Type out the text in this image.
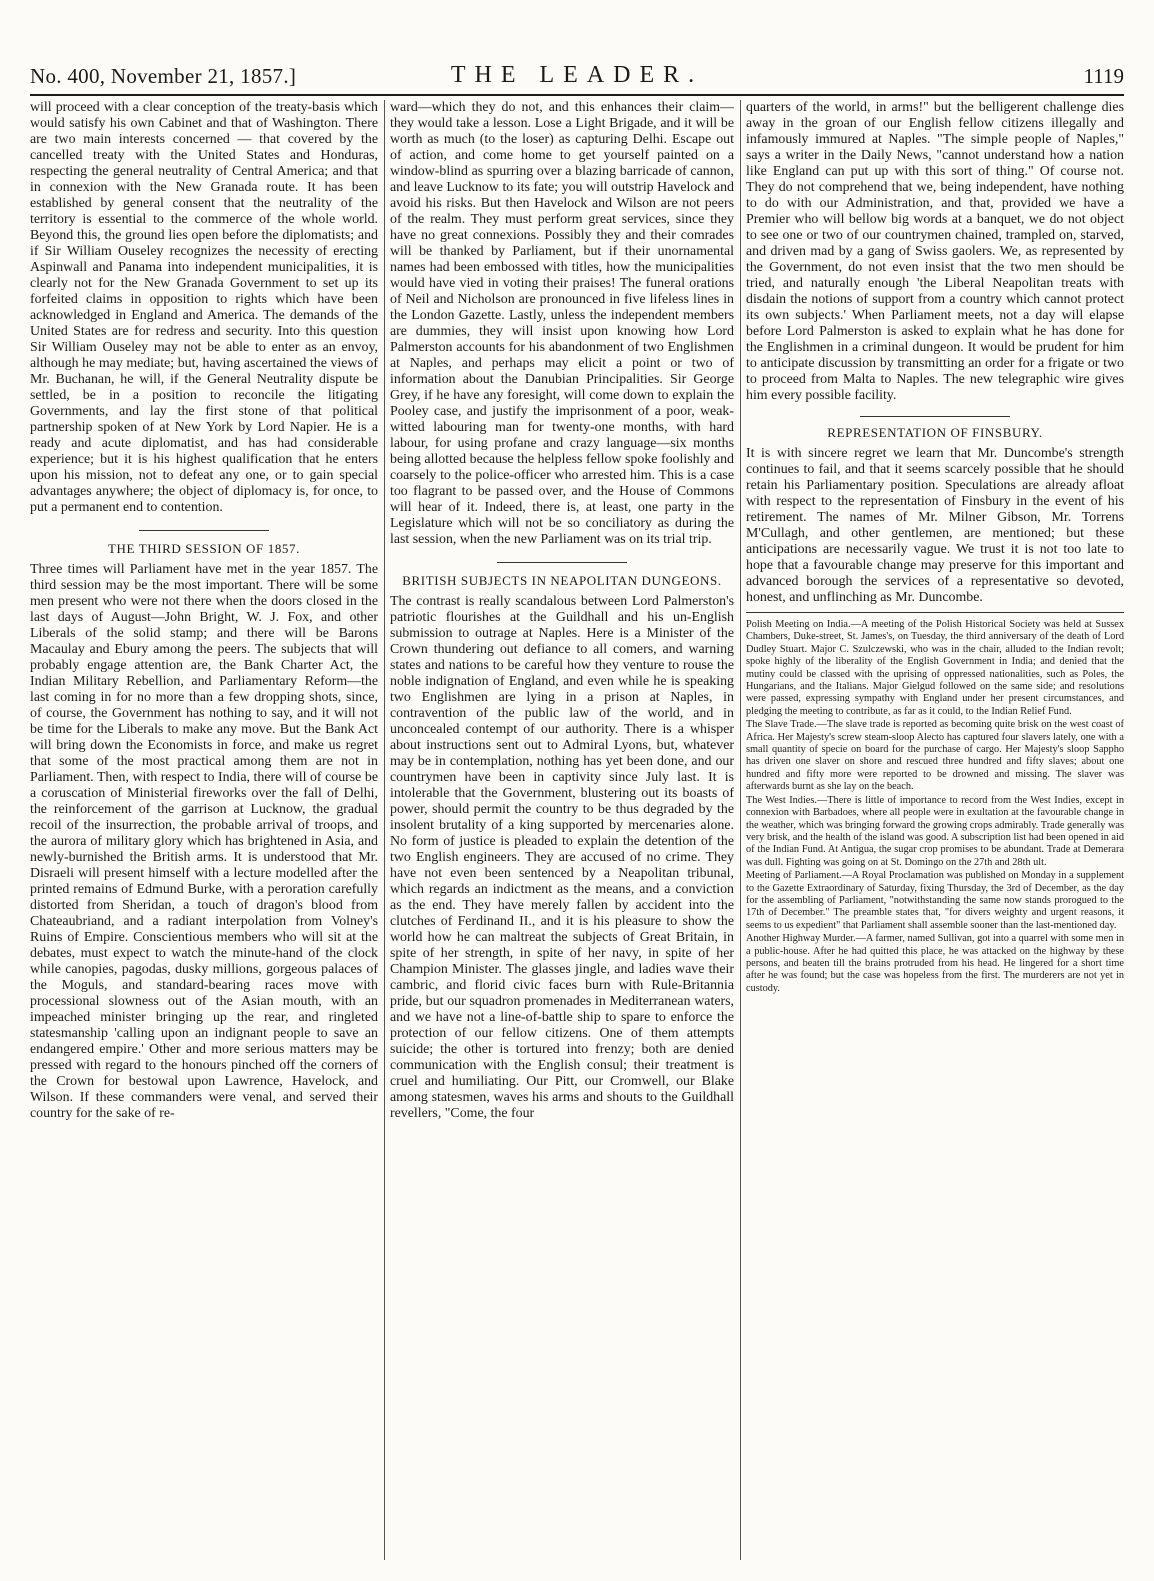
No. 400, November 21, 1857.]	THE LEADER.	1119

will proceed with a clear conception of the treaty-basis which would satisfy his own Cabinet and that of Washington. There are two main interests concerned — that covered by the cancelled treaty with the United States and Honduras, respecting the general neutrality of Central America; and that in connexion with the New Granada route. It has been established by general consent that the neutrality of the territory is essential to the commerce of the whole world. Beyond this, the ground lies open before the diplomatists; and if Sir William Ouseley recognizes the necessity of erecting Aspinwall and Panama into independent municipalities, it is clearly not for the New Granada Government to set up its forfeited claims in opposition to rights which have been acknowledged in England and America. The demands of the United States are for redress and security. Into this question Sir William Ouseley may not be able to enter as an envoy, although he may mediate; but, having ascertained the views of Mr. Buchanan, he will, if the General Neutrality dispute be settled, be in a position to reconcile the litigating Governments, and lay the first stone of that political partnership spoken of at New York by Lord Napier. He is a ready and acute diplomatist, and has had considerable experience; but it is his highest qualification that he enters upon his mission, not to defeat any one, or to gain special advantages anywhere; the object of diplomacy is, for once, to put a permanent end to contention.

THE THIRD SESSION OF 1857.

Three times will Parliament have met in the year 1857. The third session may be the most important. There will be some men present who were not there when the doors closed in the last days of August—John Bright, W. J. Fox, and other Liberals of the solid stamp; and there will be Barons Macaulay and Ebury among the peers. The subjects that will probably engage attention are, the Bank Charter Act, the Indian Military Rebellion, and Parliamentary Reform—the last coming in for no more than a few dropping shots, since, of course, the Government has nothing to say, and it will not be time for the Liberals to make any move. But the Bank Act will bring down the Economists in force, and make us regret that some of the most practical among them are not in Parliament. Then, with respect to India, there will of course be a coruscation of Ministerial fireworks over the fall of Delhi, the reinforcement of the garrison at Lucknow, the gradual recoil of the insurrection, the probable arrival of troops, and the aurora of military glory which has brightened in Asia, and newly-burnished the British arms. It is understood that Mr. Disraeli will present himself with a lecture modelled after the printed remains of Edmund Burke, with a peroration carefully distorted from Sheridan, a touch of dragon's blood from Chateaubriand, and a radiant interpolation from Volney's Ruins of Empire. Conscientious members who will sit at the debates, must expect to watch the minute-hand of the clock while canopies, pagodas, dusky millions, gorgeous palaces of the Moguls, and standard-bearing races move with processional slowness out of the Asian mouth, with an impeached minister bringing up the rear, and ringleted statesmanship 'calling upon an indignant people to save an endangered empire.' Other and more serious matters may be pressed with regard to the honours pinched off the corners of the Crown for bestowal upon Lawrence, Havelock, and Wilson. If these commanders were venal, and served their country for the sake of re-

ward—which they do not, and this enhances their claim—they would take a lesson. Lose a Light Brigade, and it will be worth as much (to the loser) as capturing Delhi. Escape out of action, and come home to get yourself painted on a window-blind as spurring over a blazing barricade of cannon, and leave Lucknow to its fate; you will outstrip Havelock and avoid his risks. But then Havelock and Wilson are not peers of the realm. They must perform great services, since they have no great connexions. Possibly they and their comrades will be thanked by Parliament, but if their unornamental names had been embossed with titles, how the municipalities would have vied in voting their praises! The funeral orations of Neil and Nicholson are pronounced in five lifeless lines in the London Gazette. Lastly, unless the independent members are dummies, they will insist upon knowing how Lord Palmerston accounts for his abandonment of two Englishmen at Naples, and perhaps may elicit a point or two of information about the Danubian Principalities. Sir George Grey, if he have any foresight, will come down to explain the Pooley case, and justify the imprisonment of a poor, weak-witted labouring man for twenty-one months, with hard labour, for using profane and crazy language—six months being allotted because the helpless fellow spoke foolishly and coarsely to the police-officer who arrested him. This is a case too flagrant to be passed over, and the House of Commons will hear of it. Indeed, there is, at least, one party in the Legislature which will not be so conciliatory as during the last session, when the new Parliament was on its trial trip.

BRITISH SUBJECTS IN NEAPOLITAN DUNGEONS.

The contrast is really scandalous between Lord Palmerston's patriotic flourishes at the Guildhall and his un-English submission to outrage at Naples. Here is a Minister of the Crown thundering out defiance to all comers, and warning states and nations to be careful how they venture to rouse the noble indignation of England, and even while he is speaking two Englishmen are lying in a prison at Naples, in contravention of the public law of the world, and in unconcealed contempt of our authority. There is a whisper about instructions sent out to Admiral Lyons, but, whatever may be in contemplation, nothing has yet been done, and our countrymen have been in captivity since July last. It is intolerable that the Government, blustering out its boasts of power, should permit the country to be thus degraded by the insolent brutality of a king supported by mercenaries alone. No form of justice is pleaded to explain the detention of the two English engineers. They are accused of no crime. They have not even been sentenced by a Neapolitan tribunal, which regards an indictment as the means, and a conviction as the end. They have merely fallen by accident into the clutches of Ferdinand II., and it is his pleasure to show the world how he can maltreat the subjects of Great Britain, in spite of her strength, in spite of her navy, in spite of her Champion Minister. The glasses jingle, and ladies wave their cambric, and florid civic faces burn with Rule-Britannia pride, but our squadron promenades in Mediterranean waters, and we have not a line-of-battle ship to spare to enforce the protection of our fellow citizens. One of them attempts suicide; the other is tortured into frenzy; both are denied communication with the English consul; their treatment is cruel and humiliating. Our Pitt, our Cromwell, our Blake among statesmen, waves his arms and shouts to the Guildhall revellers, "Come, the four

quarters of the world, in arms!" but the belligerent challenge dies away in the groan of our English fellow citizens illegally and infamously immured at Naples. "The simple people of Naples," says a writer in the Daily News, "cannot understand how a nation like England can put up with this sort of thing." Of course not. They do not comprehend that we, being independent, have nothing to do with our Administration, and that, provided we have a Premier who will bellow big words at a banquet, we do not object to see one or two of our countrymen chained, trampled on, starved, and driven mad by a gang of Swiss gaolers. We, as represented by the Government, do not even insist that the two men should be tried, and naturally enough 'the Liberal Neapolitan treats with disdain the notions of support from a country which cannot protect its own subjects.' When Parliament meets, not a day will elapse before Lord Palmerston is asked to explain what he has done for the Englishmen in a criminal dungeon. It would be prudent for him to anticipate discussion by transmitting an order for a frigate or two to proceed from Malta to Naples. The new telegraphic wire gives him every possible facility.

REPRESENTATION OF FINSBURY.

It is with sincere regret we learn that Mr. Duncombe's strength continues to fail, and that it seems scarcely possible that he should retain his Parliamentary position. Speculations are already afloat with respect to the representation of Finsbury in the event of his retirement. The names of Mr. Milner Gibson, Mr. Torrens M'Cullagh, and other gentlemen, are mentioned; but these anticipations are necessarily vague. We trust it is not too late to hope that a favourable change may preserve for this important and advanced borough the services of a representative so devoted, honest, and unflinching as Mr. Duncombe.

Polish Meeting on India.—A meeting of the Polish Historical Society was held at Sussex Chambers, Duke-street, St. James's, on Tuesday, the third anniversary of the death of Lord Dudley Stuart. Major C. Szulczewski, who was in the chair, alluded to the Indian revolt; spoke highly of the liberality of the English Government in India; and denied that the mutiny could be classed with the uprising of oppressed nationalities, such as Poles, the Hungarians, and the Italians. Major Gielgud followed on the same side; and resolutions were passed, expressing sympathy with England under her present circumstances, and pledging the meeting to contribute, as far as it could, to the Indian Relief Fund.

The Slave Trade.—The slave trade is reported as becoming quite brisk on the west coast of Africa. Her Majesty's screw steam-sloop Alecto has captured four slavers lately, one with a small quantity of specie on board for the purchase of cargo. Her Majesty's sloop Sappho has driven one slaver on shore and rescued three hundred and fifty slaves; about one hundred and fifty more were reported to be drowned and missing. The slaver was afterwards burnt as she lay on the beach.

The West Indies.—There is little of importance to record from the West Indies, except in connexion with Barbadoes, where all people were in exultation at the favourable change in the weather, which was bringing forward the growing crops admirably. Trade generally was very brisk, and the health of the island was good. A subscription list had been opened in aid of the Indian Fund. At Antigua, the sugar crop promises to be abundant. Trade at Demerara was dull. Fighting was going on at St. Domingo on the 27th and 28th ult.

Meeting of Parliament.—A Royal Proclamation was published on Monday in a supplement to the Gazette Extraordinary of Saturday, fixing Thursday, the 3rd of December, as the day for the assembling of Parliament, "notwithstanding the same now stands prorogued to the 17th of December." The preamble states that, "for divers weighty and urgent reasons, it seems to us expedient" that Parliament shall assemble sooner than the last-mentioned day.

Another Highway Murder.—A farmer, named Sullivan, got into a quarrel with some men in a public-house. After he had quitted this place, he was attacked on the highway by these persons, and beaten till the brains protruded from his head. He lingered for a short time after he was found; but the case was hopeless from the first. The murderers are not yet in custody.
